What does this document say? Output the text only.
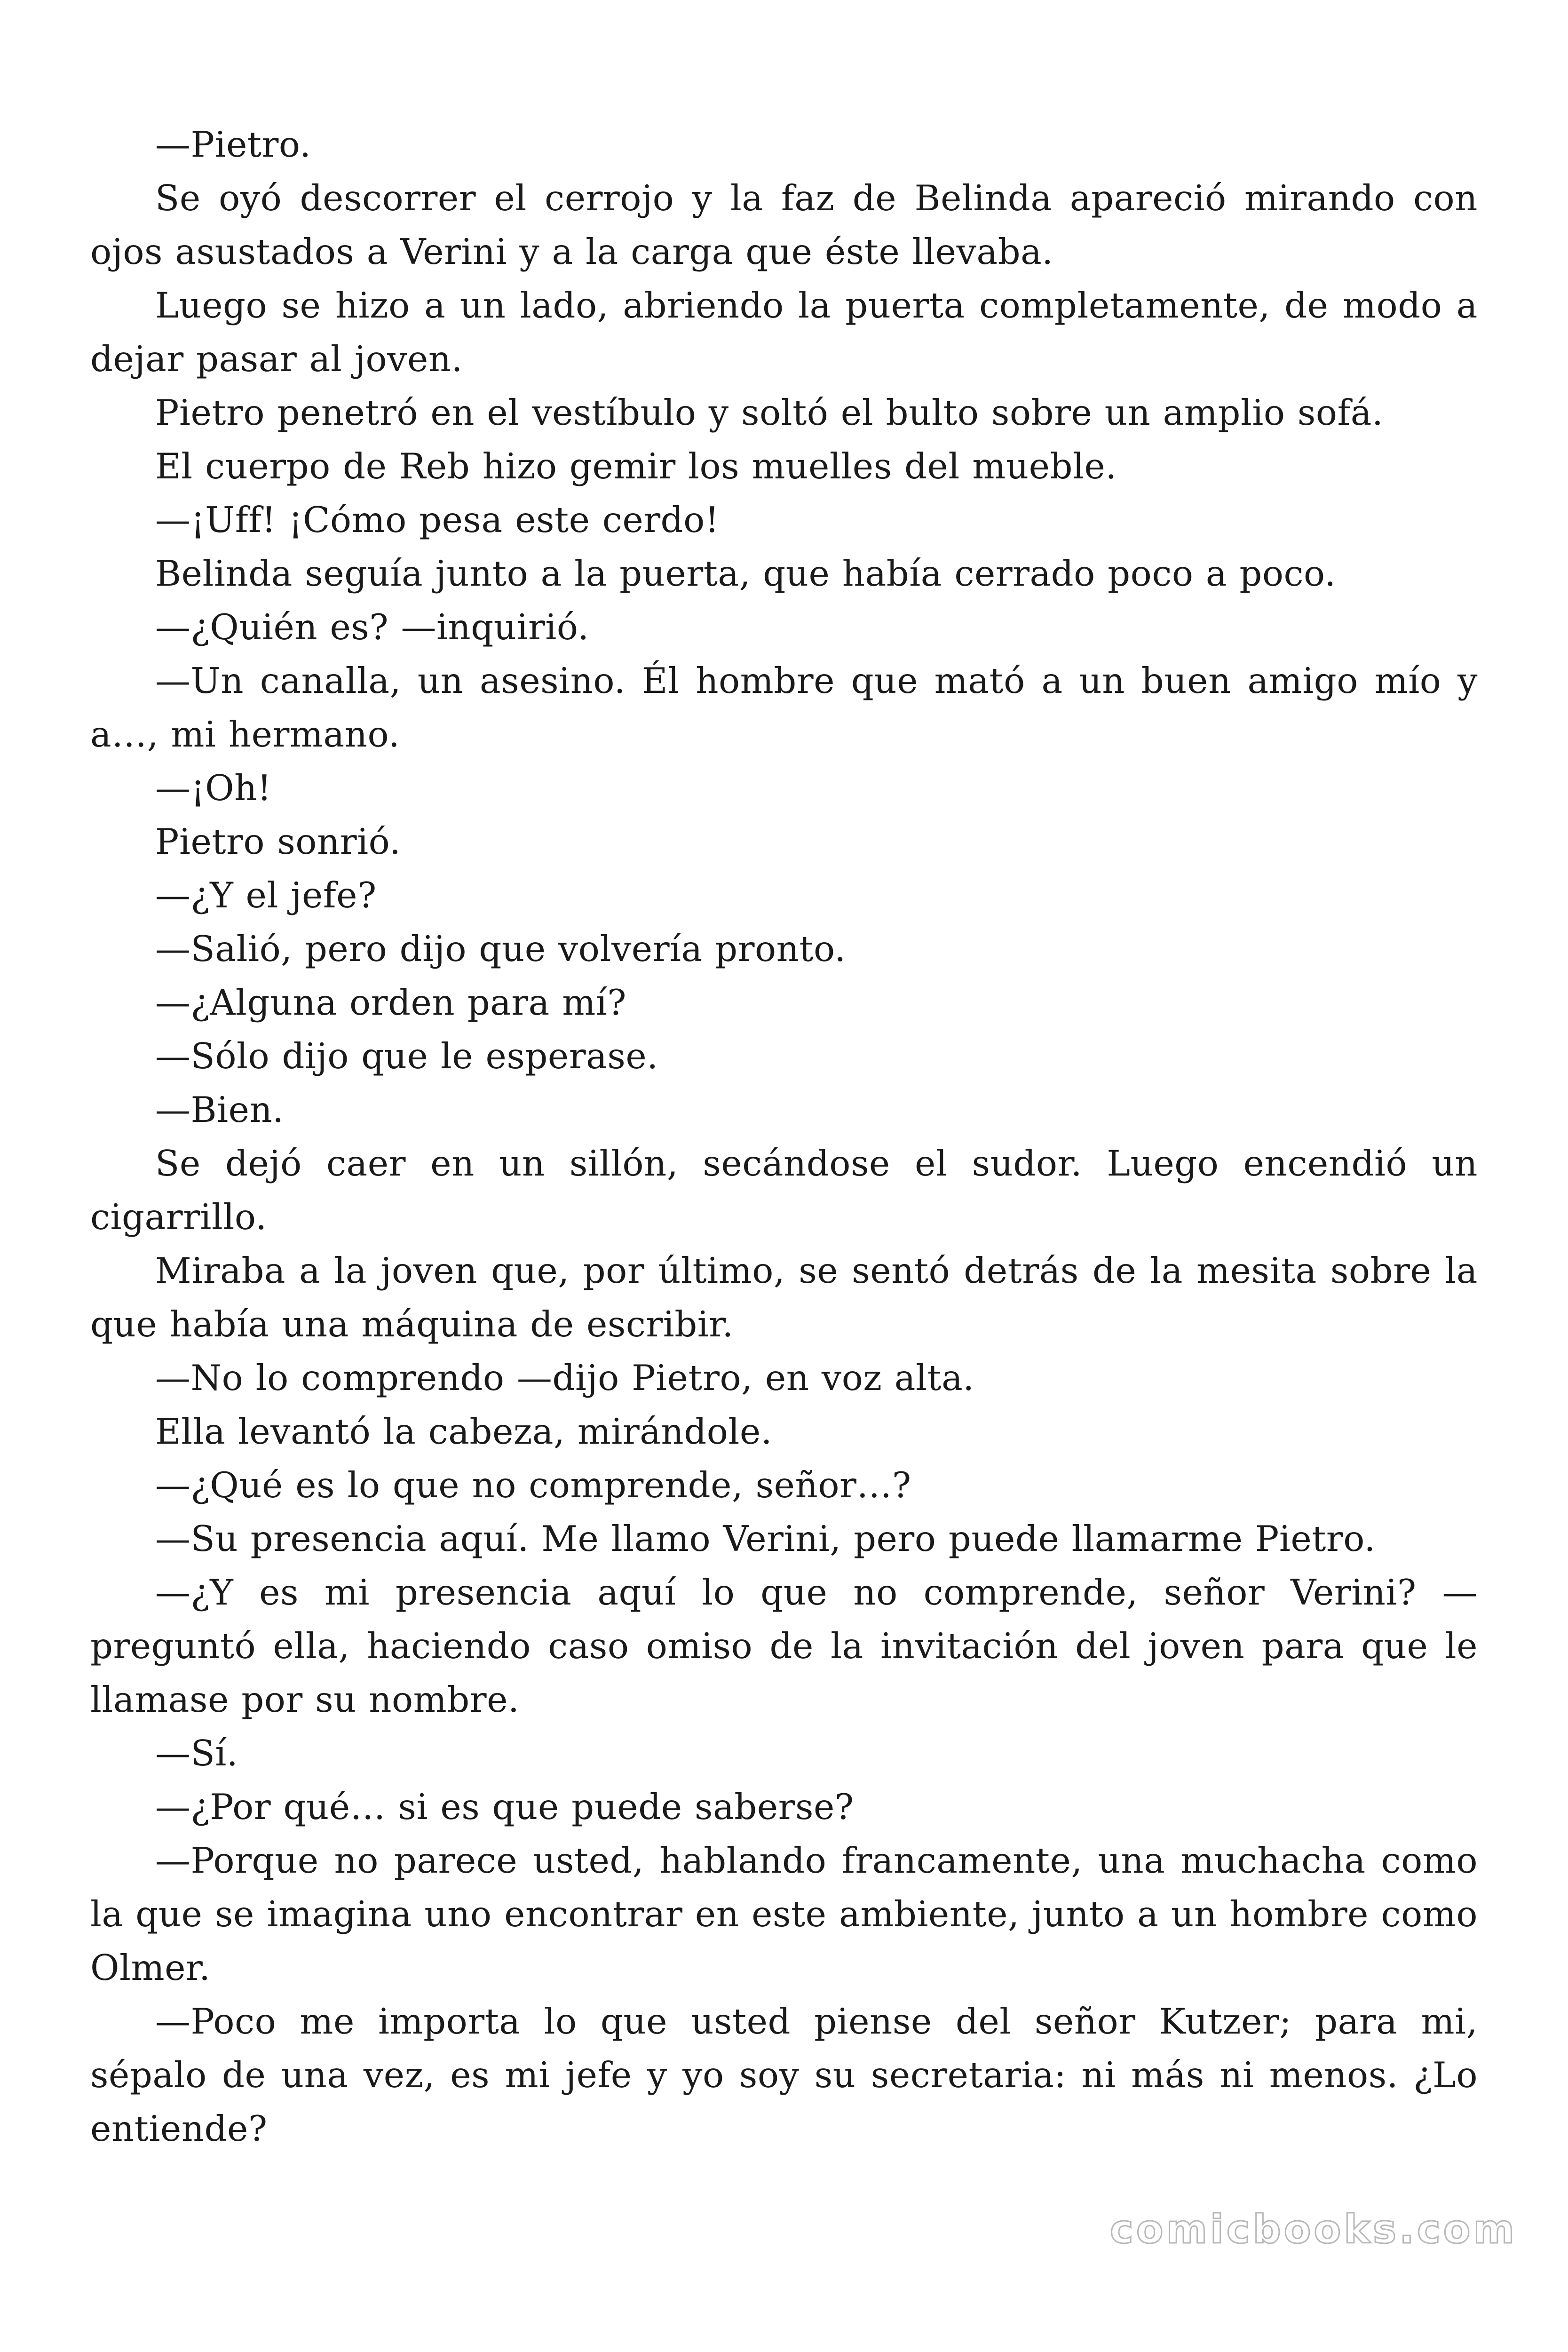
—Pietro.

Se oyó descorrer el cerrojo y la faz de Belinda apareció mirando con ojos asustados a Verini y a la carga que éste llevaba.

Luego se hizo a un lado, abriendo la puerta completamente, de modo a dejar pasar al joven.

Pietro penetró en el vestíbulo y soltó el bulto sobre un amplio sofá.

El cuerpo de Reb hizo gemir los muelles del mueble.

—¡Uff! ¡Cómo pesa este cerdo!

Belinda seguía junto a la puerta, que había cerrado poco a poco.

—¿Quién es? —inquirió.

—Un canalla, un asesino. Él hombre que mató a un buen amigo mío y a…, mi hermano.

—¡Oh!

Pietro sonrió.

—¿Y el jefe?

—Salió, pero dijo que volvería pronto.

—¿Alguna orden para mí?

—Sólo dijo que le esperase.

—Bien.

Se dejó caer en un sillón, secándose el sudor. Luego encendió un cigarrillo.

Miraba a la joven que, por último, se sentó detrás de la mesita sobre la que había una máquina de escribir.

—No lo comprendo —dijo Pietro, en voz alta.

Ella levantó la cabeza, mirándole.

—¿Qué es lo que no comprende, señor…?

—Su presencia aquí. Me llamo Verini, pero puede llamarme Pietro.

—¿Y es mi presencia aquí lo que no comprende, señor Verini? — preguntó ella, haciendo caso omiso de la invitación del joven para que le llamase por su nombre.

—Sí.

—¿Por qué… si es que puede saberse?

—Porque no parece usted, hablando francamente, una muchacha como la que se imagina uno encontrar en este ambiente, junto a un hombre como Olmer.

—Poco me importa lo que usted piense del señor Kutzer; para mi, sépalo de una vez, es mi jefe y yo soy su secretaria: ni más ni menos. ¿Lo entiende?

comicbooks.com
